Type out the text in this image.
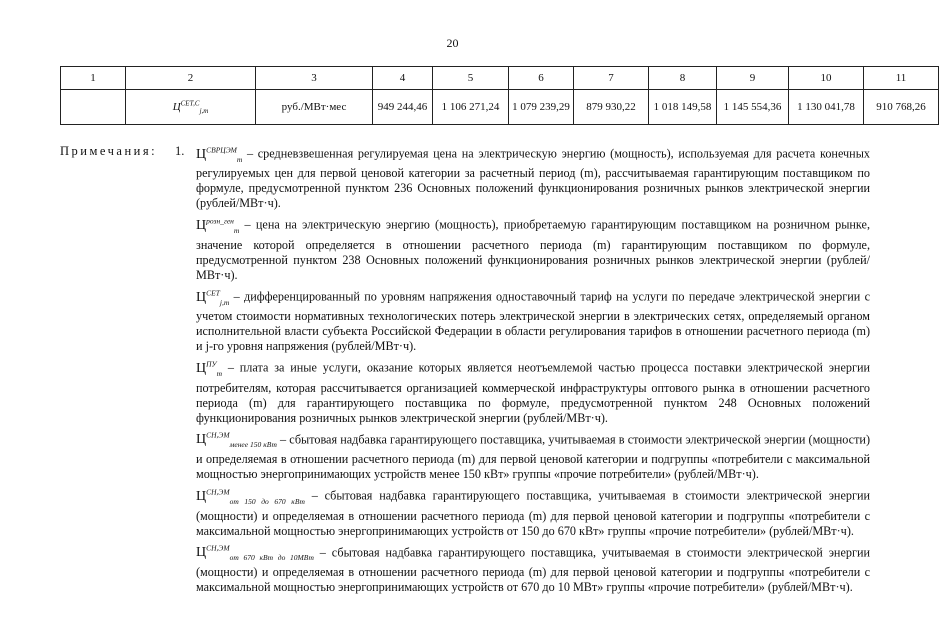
20
1	2	3	4	5	6	7	8	9	10	11
	$Ц^{СЕТ,С}_{j,m}$	руб./МВт·мес	949 244,46	1 106 271,24	1 079 239,29	879 930,22	1 018 149,58	1 145 554,36	1 130 041,78	910 768,26
Примечания: 1. $Ц^{СВРЦЭМ}_m$ – средневзвешенная регулируемая цена на электрическую энергию (мощность), используемая для расчета конечных регулируемых цен для первой ценовой категории за расчетный период (m), рассчитываемая гарантирующим поставщиком по формуле, предусмотренной пунктом 236 Основных положений функционирования розничных рынков электрической энергии (рублей/МВт·ч).

$Ц^{розн\_ген}_m$ – цена на электрическую энергию (мощность), приобретаемую гарантирующим поставщиком на розничном рынке, значение которой определяется в отношении расчетного периода (m) гарантирующим поставщиком по формуле, предусмотренной пунктом 238 Основных положений функционирования розничных рынков электрической энергии (рублей/МВт·ч).

$Ц^{СЕТ}_{j,m}$ – дифференцированный по уровням напряжения одноставочный тариф на услуги по передаче электрической энергии с учетом стоимости нормативных технологических потерь электрической энергии в электрических сетях, определяемый органом исполнительной власти субъекта Российской Федерации в области регулирования тарифов в отношении расчетного периода (m) и j-го уровня напряжения (рублей/МВт·ч).

$Ц^{ПУ}_m$ – плата за иные услуги, оказание которых является неотъемлемой частью процесса поставки электрической энергии потребителям, которая рассчитывается организацией коммерческой инфраструктуры оптового рынка в отношении расчетного периода (m) для гарантирующего поставщика по формуле, предусмотренной пунктом 248 Основных положений функционирования розничных рынков электрической энергии (рублей/МВт·ч).

$Ц^{СН,ЭМ}_{менее 150 кВт}$ – сбытовая надбавка гарантирующего поставщика, учитываемая в стоимости электрической энергии (мощности) и определяемая в отношении расчетного периода (m) для первой ценовой категории и подгруппы «потребители с максимальной мощностью энергопринимающих устройств менее 150 кВт» группы «прочие потребители» (рублей/МВт·ч).

$Ц^{СН,ЭМ}_{от 150 до 670 кВт}$ – сбытовая надбавка гарантирующего поставщика, учитываемая в стоимости электрической энергии (мощности) и определяемая в отношении расчетного периода (m) для первой ценовой категории и подгруппы «потребители с максимальной мощностью энергопринимающих устройств от 150 до 670 кВт» группы «прочие потребители» (рублей/МВт·ч).

$Ц^{СН,ЭМ}_{от 670 кВт до 10МВт}$ – сбытовая надбавка гарантирующего поставщика, учитываемая в стоимости электрической энергии (мощности) и определяемая в отношении расчетного периода (m) для первой ценовой категории и подгруппы «потребители с максимальной мощностью энергопринимающих устройств от 670 до 10 МВт» группы «прочие потребители» (рублей/МВт·ч).
